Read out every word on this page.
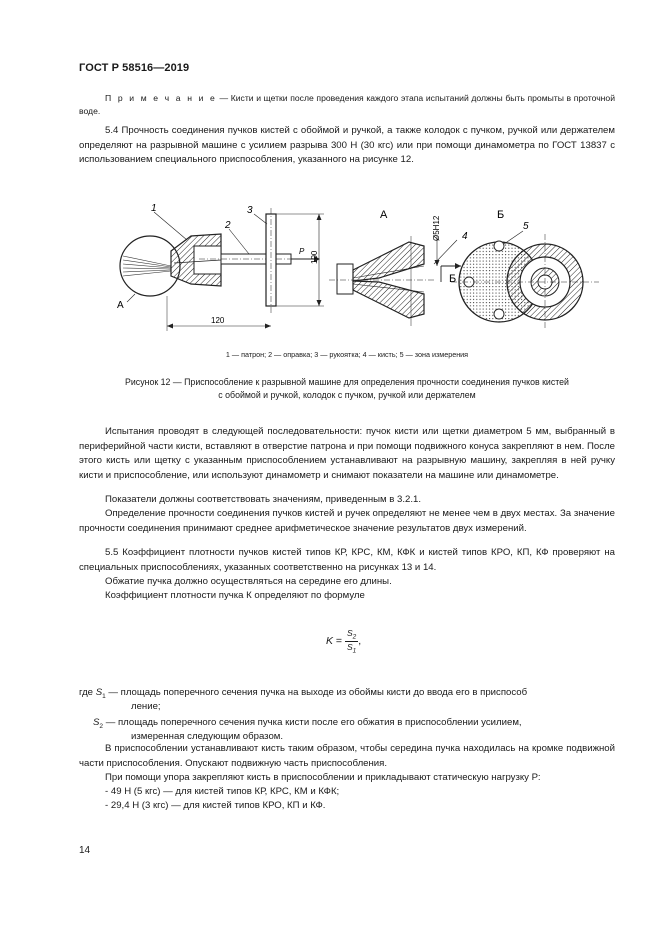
ГОСТ Р 58516—2019
П р и м е ч а н и е — Кисти и щетки после проведения каждого этапа испытаний должны быть промыты в проточной воде.
5.4 Прочность соединения пучков кистей с обоймой и ручкой, а также колодок с пучком, ручкой или держателем определяют на разрывной машине с усилием разрыва 300 Н (30 кгс) или при помощи динамометра по ГОСТ 13837 с использованием специального приспособления, указанного на рисунке 12.
P 100
120
1
2
3
A
A
Ø5H12 4
Б
Б
5
1 — патрон; 2 — оправка; 3 — рукоятка; 4 — кисть; 5 — зона измерения
Рисунок 12 — Приспособление к разрывной машине для определения прочности соединения пучков кистей
с обоймой и ручкой, колодок с пучком, ручкой или держателем
Испытания проводят в следующей последовательности: пучок кисти или щетки диаметром 5 мм, выбранный в периферийной части кисти, вставляют в отверстие патрона и при помощи подвижного конуса закрепляют в нем. После этого кисть или щетку с указанным приспособлением устанавливают на разрывную машину, закрепляя в ней ручку кисти и приспособление, или используют динамометр и снимают показатели на машине или динамометре.
Показатели должны соответствовать значениям, приведенным в 3.2.1.
Определение прочности соединения пучков кистей и ручек определяют не менее чем в двух местах. За значение прочности соединения принимают среднее арифметическое значение результатов двух измерений.
5.5 Коэффициент плотности пучков кистей типов КР, КРС, КМ, КФК и кистей типов КРО, КП, КФ проверяют на специальных приспособлениях, указанных соответственно на рисунках 13 и 14.
Обжатие пучка должно осуществляться на середине его длины.
Коэффициент плотности пучка К определяют по формуле
$K = \frac{S_2}{S_1}$ ,
где $S_1$ — площадь поперечного сечения пучка на выходе из обоймы кисти до ввода его в приспособ
ление;
$S_2$ — площадь поперечного сечения пучка кисти после его обжатия в приспособлении усилием,
измеренная следующим образом.
В приспособлении устанавливают кисть таким образом, чтобы середина пучка находилась на кромке подвижной части приспособления. Опускают подвижную часть приспособления.
При помощи упора закрепляют кисть в приспособлении и прикладывают статическую нагрузку Р:
- 49 Н (5 кгс) — для кистей типов КР, КРС, КМ и КФК;
- 29,4 Н (3 кгс) — для кистей типов КРО, КП и КФ.
14
